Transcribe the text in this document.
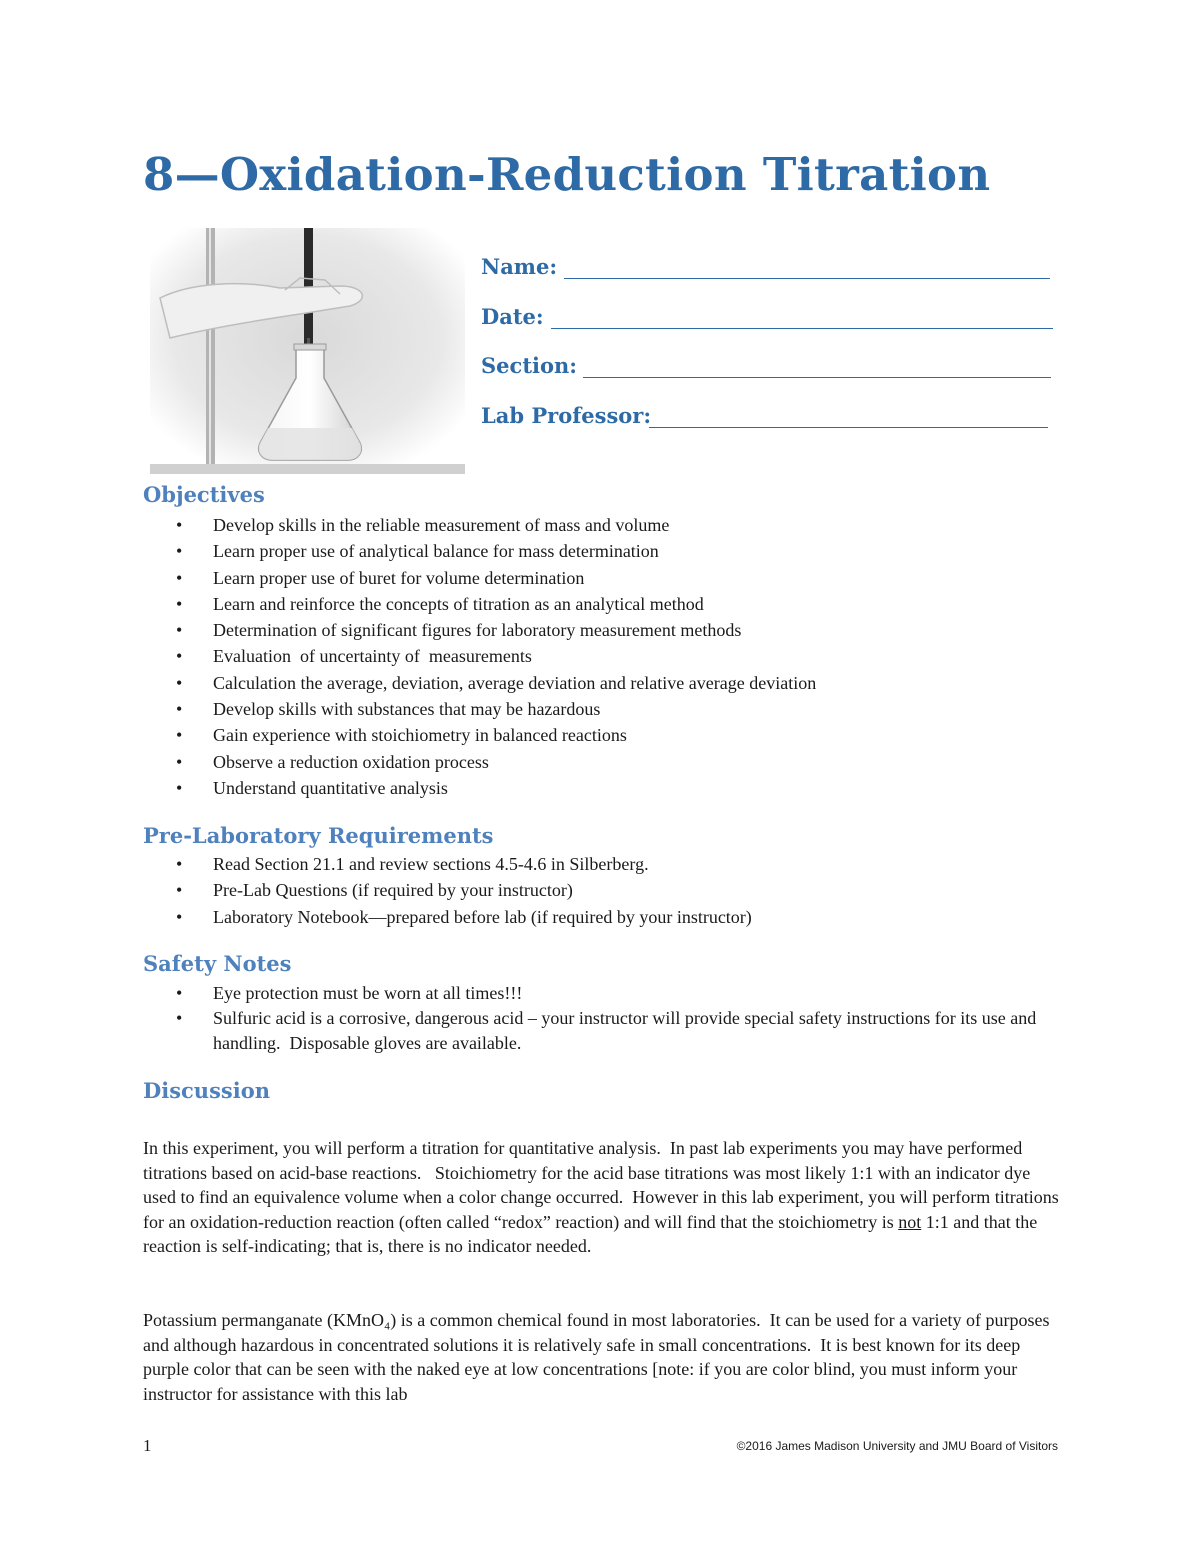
8—Oxidation-Reduction Titration
Name:
Date:
Section:
Lab Professor:
Objectives
• Develop skills in the reliable measurement of mass and volume
• Learn proper use of analytical balance for mass determination
• Learn proper use of buret for volume determination
• Learn and reinforce the concepts of titration as an analytical method
• Determination of significant figures for laboratory measurement methods
• Evaluation  of uncertainty of  measurements
• Calculation the average, deviation, average deviation and relative average deviation
• Develop skills with substances that may be hazardous
• Gain experience with stoichiometry in balanced reactions
• Observe a reduction oxidation process
• Understand quantitative analysis
Pre-Laboratory Requirements
• Read Section 21.1 and review sections 4.5-4.6 in Silberberg.
• Pre-Lab Questions (if required by your instructor)
• Laboratory Notebook—prepared before lab (if required by your instructor)
Safety Notes
• Eye protection must be worn at all times!!!
• Sulfuric acid is a corrosive, dangerous acid – your instructor will provide special safety instructions for its use and handling.  Disposable gloves are available.
Discussion

In this experiment, you will perform a titration for quantitative analysis.  In past lab experiments you may have performed titrations based on acid-base reactions.   Stoichiometry for the acid base titrations was most likely 1:1 with an indicator dye used to find an equivalence volume when a color change occurred.  However in this lab experiment, you will perform titrations for an oxidation-reduction reaction (often called “redox” reaction) and will find that the stoichiometry is not 1:1 and that the reaction is self-indicating; that is, there is no indicator needed.

Potassium permanganate (KMnO₄) is a common chemical found in most laboratories.  It can be used for a variety of purposes and although hazardous in concentrated solutions it is relatively safe in small concentrations.  It is best known for its deep purple color that can be seen with the naked eye at low concentrations [note: if you are color blind, you must inform your instructor for assistance with this lab

1	©2016 James Madison University and JMU Board of Visitors
